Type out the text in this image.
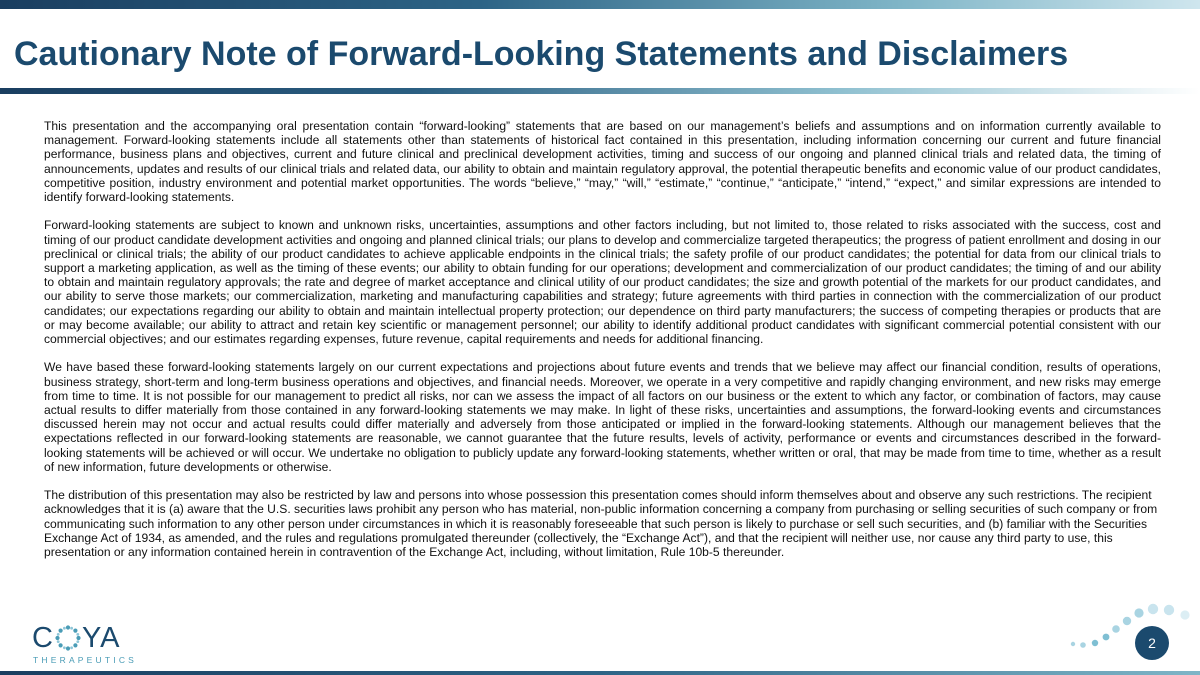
Cautionary Note of Forward-Looking Statements and Disclaimers

This presentation and the accompanying oral presentation contain “forward-looking” statements that are based on our management’s beliefs and assumptions and on information currently available to management. Forward-looking statements include all statements other than statements of historical fact contained in this presentation, including information concerning our current and future financial performance, business plans and objectives, current and future clinical and preclinical development activities, timing and success of our ongoing and planned clinical trials and related data, the timing of announcements, updates and results of our clinical trials and related data, our ability to obtain and maintain regulatory approval, the potential therapeutic benefits and economic value of our product candidates, competitive position, industry environment and potential market opportunities. The words “believe,” “may,” “will,” “estimate,” “continue,” “anticipate,” “intend,” “expect,” and similar expressions are intended to identify forward-looking statements.

Forward-looking statements are subject to known and unknown risks, uncertainties, assumptions and other factors including, but not limited to, those related to risks associated with the success, cost and timing of our product candidate development activities and ongoing and planned clinical trials; our plans to develop and commercialize targeted therapeutics; the progress of patient enrollment and dosing in our preclinical or clinical trials; the ability of our product candidates to achieve applicable endpoints in the clinical trials; the safety profile of our product candidates; the potential for data from our clinical trials to support a marketing application, as well as the timing of these events; our ability to obtain funding for our operations; development and commercialization of our product candidates; the timing of and our ability to obtain and maintain regulatory approvals; the rate and degree of market acceptance and clinical utility of our product candidates; the size and growth potential of the markets for our product candidates, and our ability to serve those markets; our commercialization, marketing and manufacturing capabilities and strategy; future agreements with third parties in connection with the commercialization of our product candidates; our expectations regarding our ability to obtain and maintain intellectual property protection; our dependence on third party manufacturers; the success of competing therapies or products that are or may become available; our ability to attract and retain key scientific or management personnel; our ability to identify additional product candidates with significant commercial potential consistent with our commercial objectives; and our estimates regarding expenses, future revenue, capital requirements and needs for additional financing.

We have based these forward-looking statements largely on our current expectations and projections about future events and trends that we believe may affect our financial condition, results of operations, business strategy, short-term and long-term business operations and objectives, and financial needs. Moreover, we operate in a very competitive and rapidly changing environment, and new risks may emerge from time to time. It is not possible for our management to predict all risks, nor can we assess the impact of all factors on our business or the extent to which any factor, or combination of factors, may cause actual results to differ materially from those contained in any forward-looking statements we may make. In light of these risks, uncertainties and assumptions, the forward-looking events and circumstances discussed herein may not occur and actual results could differ materially and adversely from those anticipated or implied in the forward-looking statements. Although our management believes that the expectations reflected in our forward-looking statements are reasonable, we cannot guarantee that the future results, levels of activity, performance or events and circumstances described in the forward-looking statements will be achieved or will occur. We undertake no obligation to publicly update any forward-looking statements, whether written or oral, that may be made from time to time, whether as a result of new information, future developments or otherwise.

The distribution of this presentation may also be restricted by law and persons into whose possession this presentation comes should inform themselves about and observe any such restrictions. The recipient acknowledges that it is (a) aware that the U.S. securities laws prohibit any person who has material, non-public information concerning a company from purchasing or selling securities of such company or from communicating such information to any other person under circumstances in which it is reasonably foreseeable that such person is likely to purchase or sell such securities, and (b) familiar with the Securities Exchange Act of 1934, as amended, and the rules and regulations promulgated thereunder (collectively, the “Exchange Act”), and that the recipient will neither use, nor cause any third party to use, this presentation or any information contained herein in contravention of the Exchange Act, including, without limitation, Rule 10b-5 thereunder.

C YA
THERAPEUTICS
2
